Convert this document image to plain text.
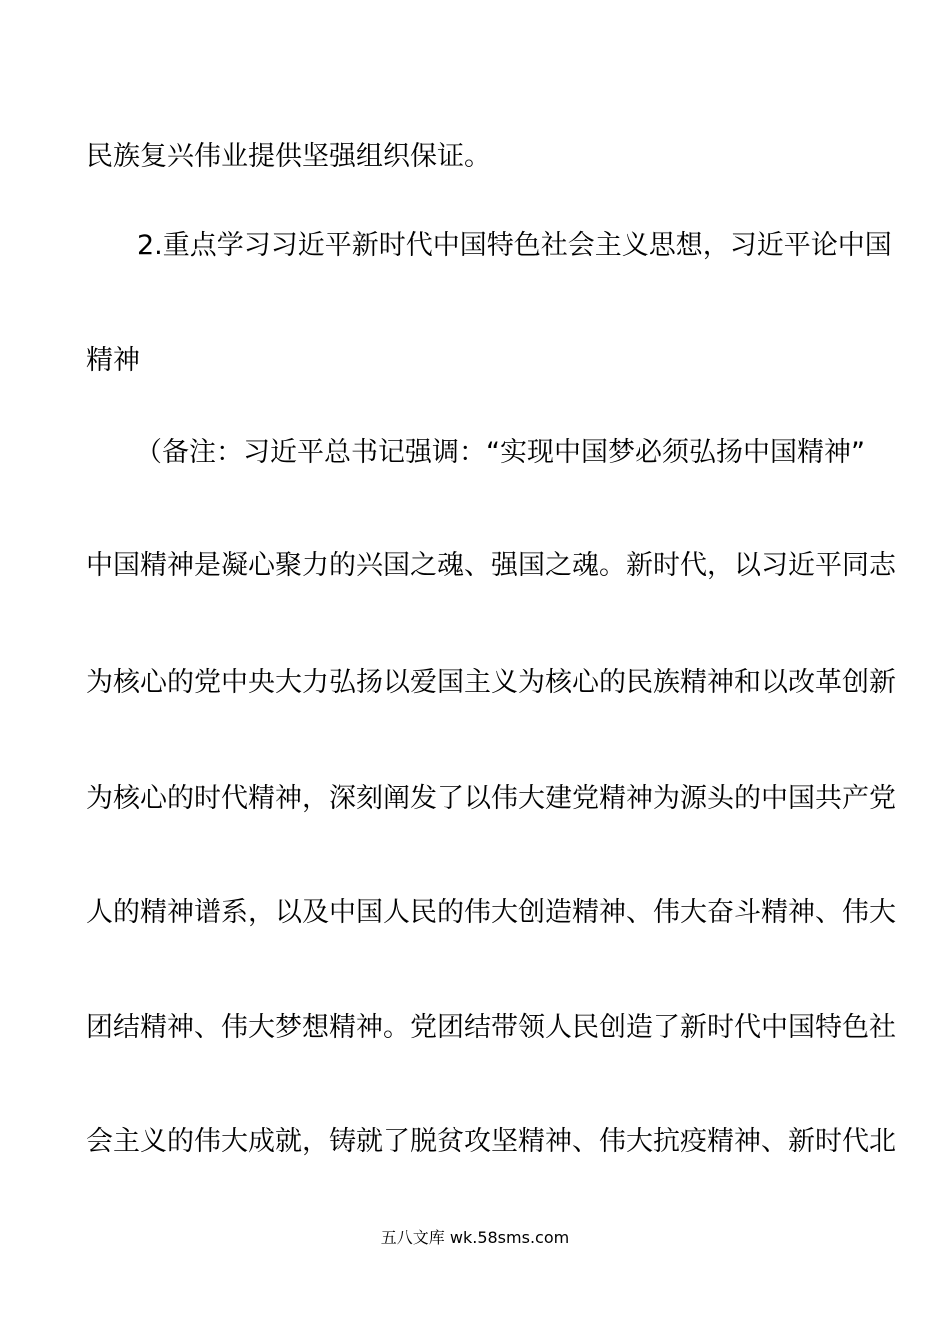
民族复兴伟业提供坚强组织保证。
2.重点学习习近平新时代中国特色社会主义思想，习近平论中国
精神
（备注：习近平总书记强调：“实现中国梦必须弘扬中国精神”
中国精神是凝心聚力的兴国之魂、强国之魂。新时代，以习近平同志
为核心的党中央大力弘扬以爱国主义为核心的民族精神和以改革创新
为核心的时代精神，深刻阐发了以伟大建党精神为源头的中国共产党
人的精神谱系，以及中国人民的伟大创造精神、伟大奋斗精神、伟大
团结精神、伟大梦想精神。党团结带领人民创造了新时代中国特色社
会主义的伟大成就，铸就了脱贫攻坚精神、伟大抗疫精神、新时代北
五八文库 wk.58sms.com
